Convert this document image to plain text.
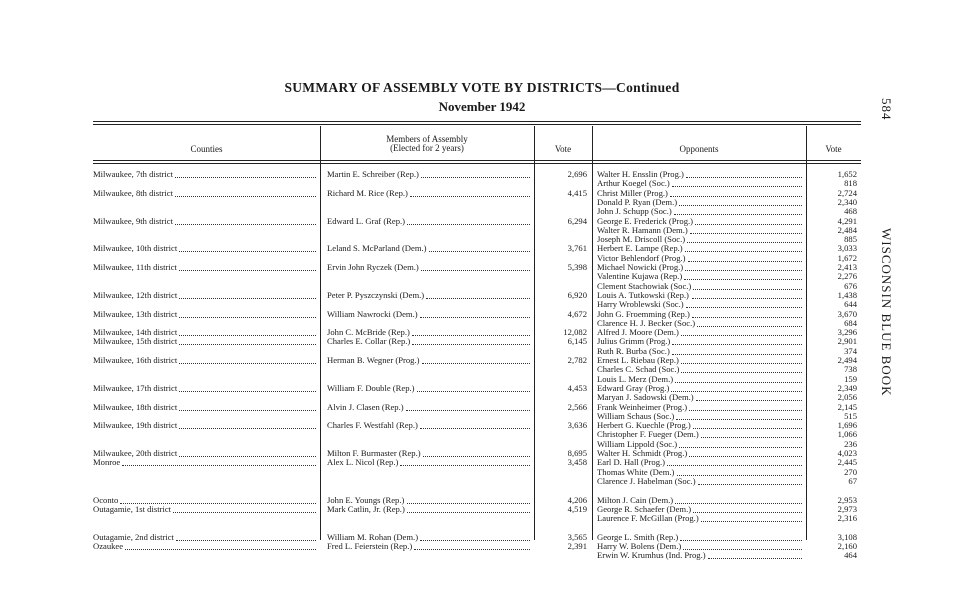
SUMMARY OF ASSEMBLY VOTE BY DISTRICTS—Continued
November 1942	584
WISCONSIN BLUE BOOK
Counties
Members of Assembly
(Elected for 2 years)	Vote	Opponents	Vote
Milwaukee, 7th district	Martin E. Schreiber (Rep.)	2,696 Walter H. Ensslin (Prog.)	1,652
Arthur Koegel (Soc.)	818
Milwaukee, 8th district	Richard M. Rice (Rep.)	4,415 Christ Miller (Prog.)	2,724
Donald P. Ryan (Dem.)	2,340
John J. Schupp (Soc.)	468
Milwaukee, 9th district	Edward L. Graf (Rep.)	6,294 George E. Frederick (Prog.)	4,291
Walter R. Hamann (Dem.)	2,484
Joseph M. Driscoll (Soc.)	885
Milwaukee, 10th district	Leland S. McParland (Dem.)	3,761 Herbert E. Lampe (Rep.)	3,033
Victor Behlendorf (Prog.)	1,672
Milwaukee, 11th district	Ervin John Ryczek (Dem.)	5,398 Michael Nowicki (Prog.)	2,413
Valentine Kujawa (Rep.)	2,276
Clement Stachowiak (Soc.)	676
Milwaukee, 12th district	Peter P. Pyszczynski (Dem.)	6,920 Louis A. Tutkowski (Rep.)	1,438
Harry Wroblewski (Soc.)	644
Milwaukee, 13th district	William Nawrocki (Dem.)	4,672 John G. Froemming (Rep.)	3,670
Clarence H. J. Becker (Soc.)	684
Milwaukee, 14th district	John C. McBride (Rep.)	12,082 Alfred J. Moore (Dem.)	3,296
Milwaukee, 15th district	Charles E. Collar (Rep.)	6,145 Julius Grimm (Prog.)	2,901
Ruth R. Burba (Soc.)	374
Milwaukee, 16th district	Herman B. Wegner (Prog.)	2,782 Ernest L. Riebau (Rep.)	2,494
Charles C. Schad (Soc.)	738
Louis L. Merz (Dem.)	159
Milwaukee, 17th district	William F. Double (Rep.)	4,453 Edward Gray (Prog.)	2,349
Maryan J. Sadowski (Dem.)	2,056
Milwaukee, 18th district	Alvin J. Clasen (Rep.)	2,566 Frank Weinheimer (Prog.)	2,145
William Schaus (Soc.)	515
Milwaukee, 19th district	Charles F. Westfahl (Rep.)	3,636 Herbert G. Kuechle (Prog.)	1,696
Christopher F. Fueger (Dem.)	1,066
William Lippold (Soc.)	236
Milwaukee, 20th district	Milton F. Burmaster (Rep.)	8,695 Walter H. Schmidt (Prog.)	4,023
Monroe	Alex L. Nicol (Rep.)	3,458 Earl D. Hall (Prog.)	2,445
Thomas White (Dem.)	270
Clarence J. Habelman (Soc.)	67
Oconto	John E. Youngs (Rep.)	4,206 Milton J. Cain (Dem.)	2,953
Outagamie, 1st district	Mark Catlin, Jr. (Rep.)	4,519 George R. Schaefer (Dem.)	2,973
Laurence F. McGillan (Prog.)	2,316
Outagamie, 2nd district	William M. Rohan (Dem.)	3,565 George L. Smith (Rep.)	3,108
Ozaukee	Fred L. Feierstein (Rep.)	2,391 Harry W. Bolens (Dem.)	2,160
Erwin W. Krumhus (Ind. Prog.)	464
